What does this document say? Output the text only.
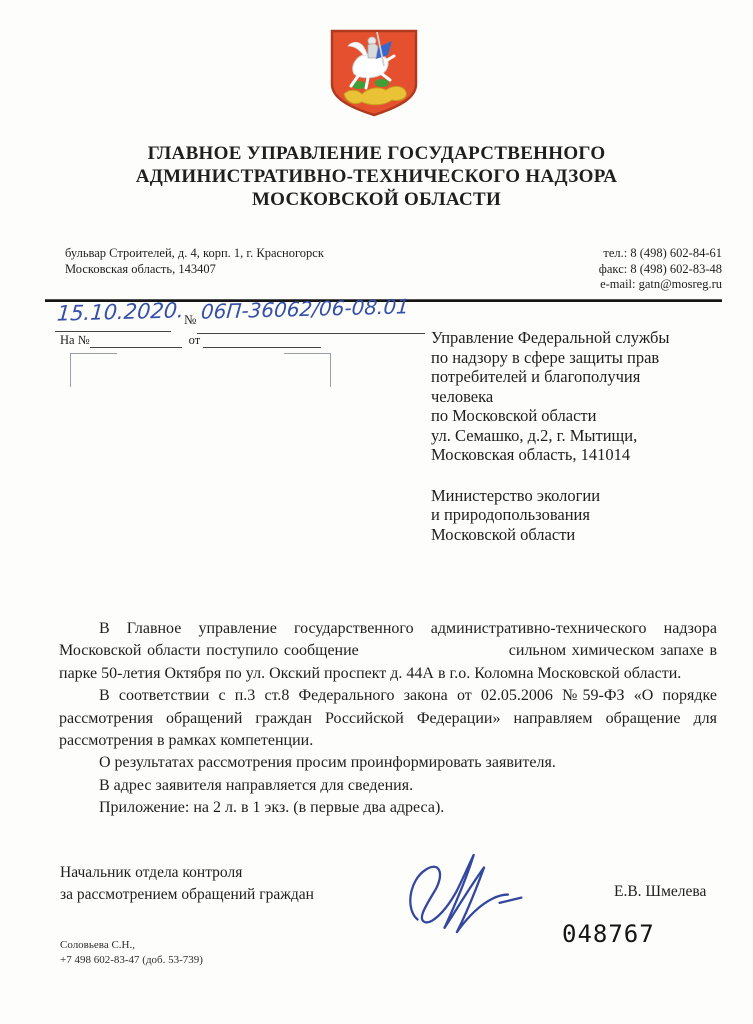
ГЛАВНОЕ УПРАВЛЕНИЕ ГОСУДАРСТВЕННОГО
АДМИНИСТРАТИВНО-ТЕХНИЧЕСКОГО НАДЗОРА
МОСКОВСКОЙ ОБЛАСТИ
бульвар Строителей, д. 4, корп. 1, г. Красногорск
Московская область, 143407
тел.: 8 (498) 602-84-61
факс: 8 (498) 602-83-48
e-mail: gatn@mosreg.ru
15.10.2020. № 06П-36062/06-08.01
На №	от	Управление Федеральной службы
по надзору в сфере защиты прав
потребителей и благополучия
человека
по Московской области
ул. Семашко, д.2, г. Мытищи,
Московская область, 141014
Министерство экологии
и природопользования
Московской области

В Главное управление государственного административно-технического надзора Московской области поступило сообщение	сильном химическом запахе в парке 50-летия Октября по ул. Окский проспект д. 44А в г.о. Коломна Московской области.

В соответствии с п.3 ст.8 Федерального закона от 02.05.2006 №59-ФЗ «О порядке рассмотрения обращений граждан Российской Федерации» направляем обращение для рассмотрения в рамках компетенции.

О результатах рассмотрения просим проинформировать заявителя.

В адрес заявителя направляется для сведения.

Приложение: на 2 л. в 1 экз. (в первые два адреса).

Начальник отдела контроля
за рассмотрением обращений граждан	Е.В. Шмелева
048767
Соловьева С.Н.,
+7 498 602-83-47 (доб. 53-739)
